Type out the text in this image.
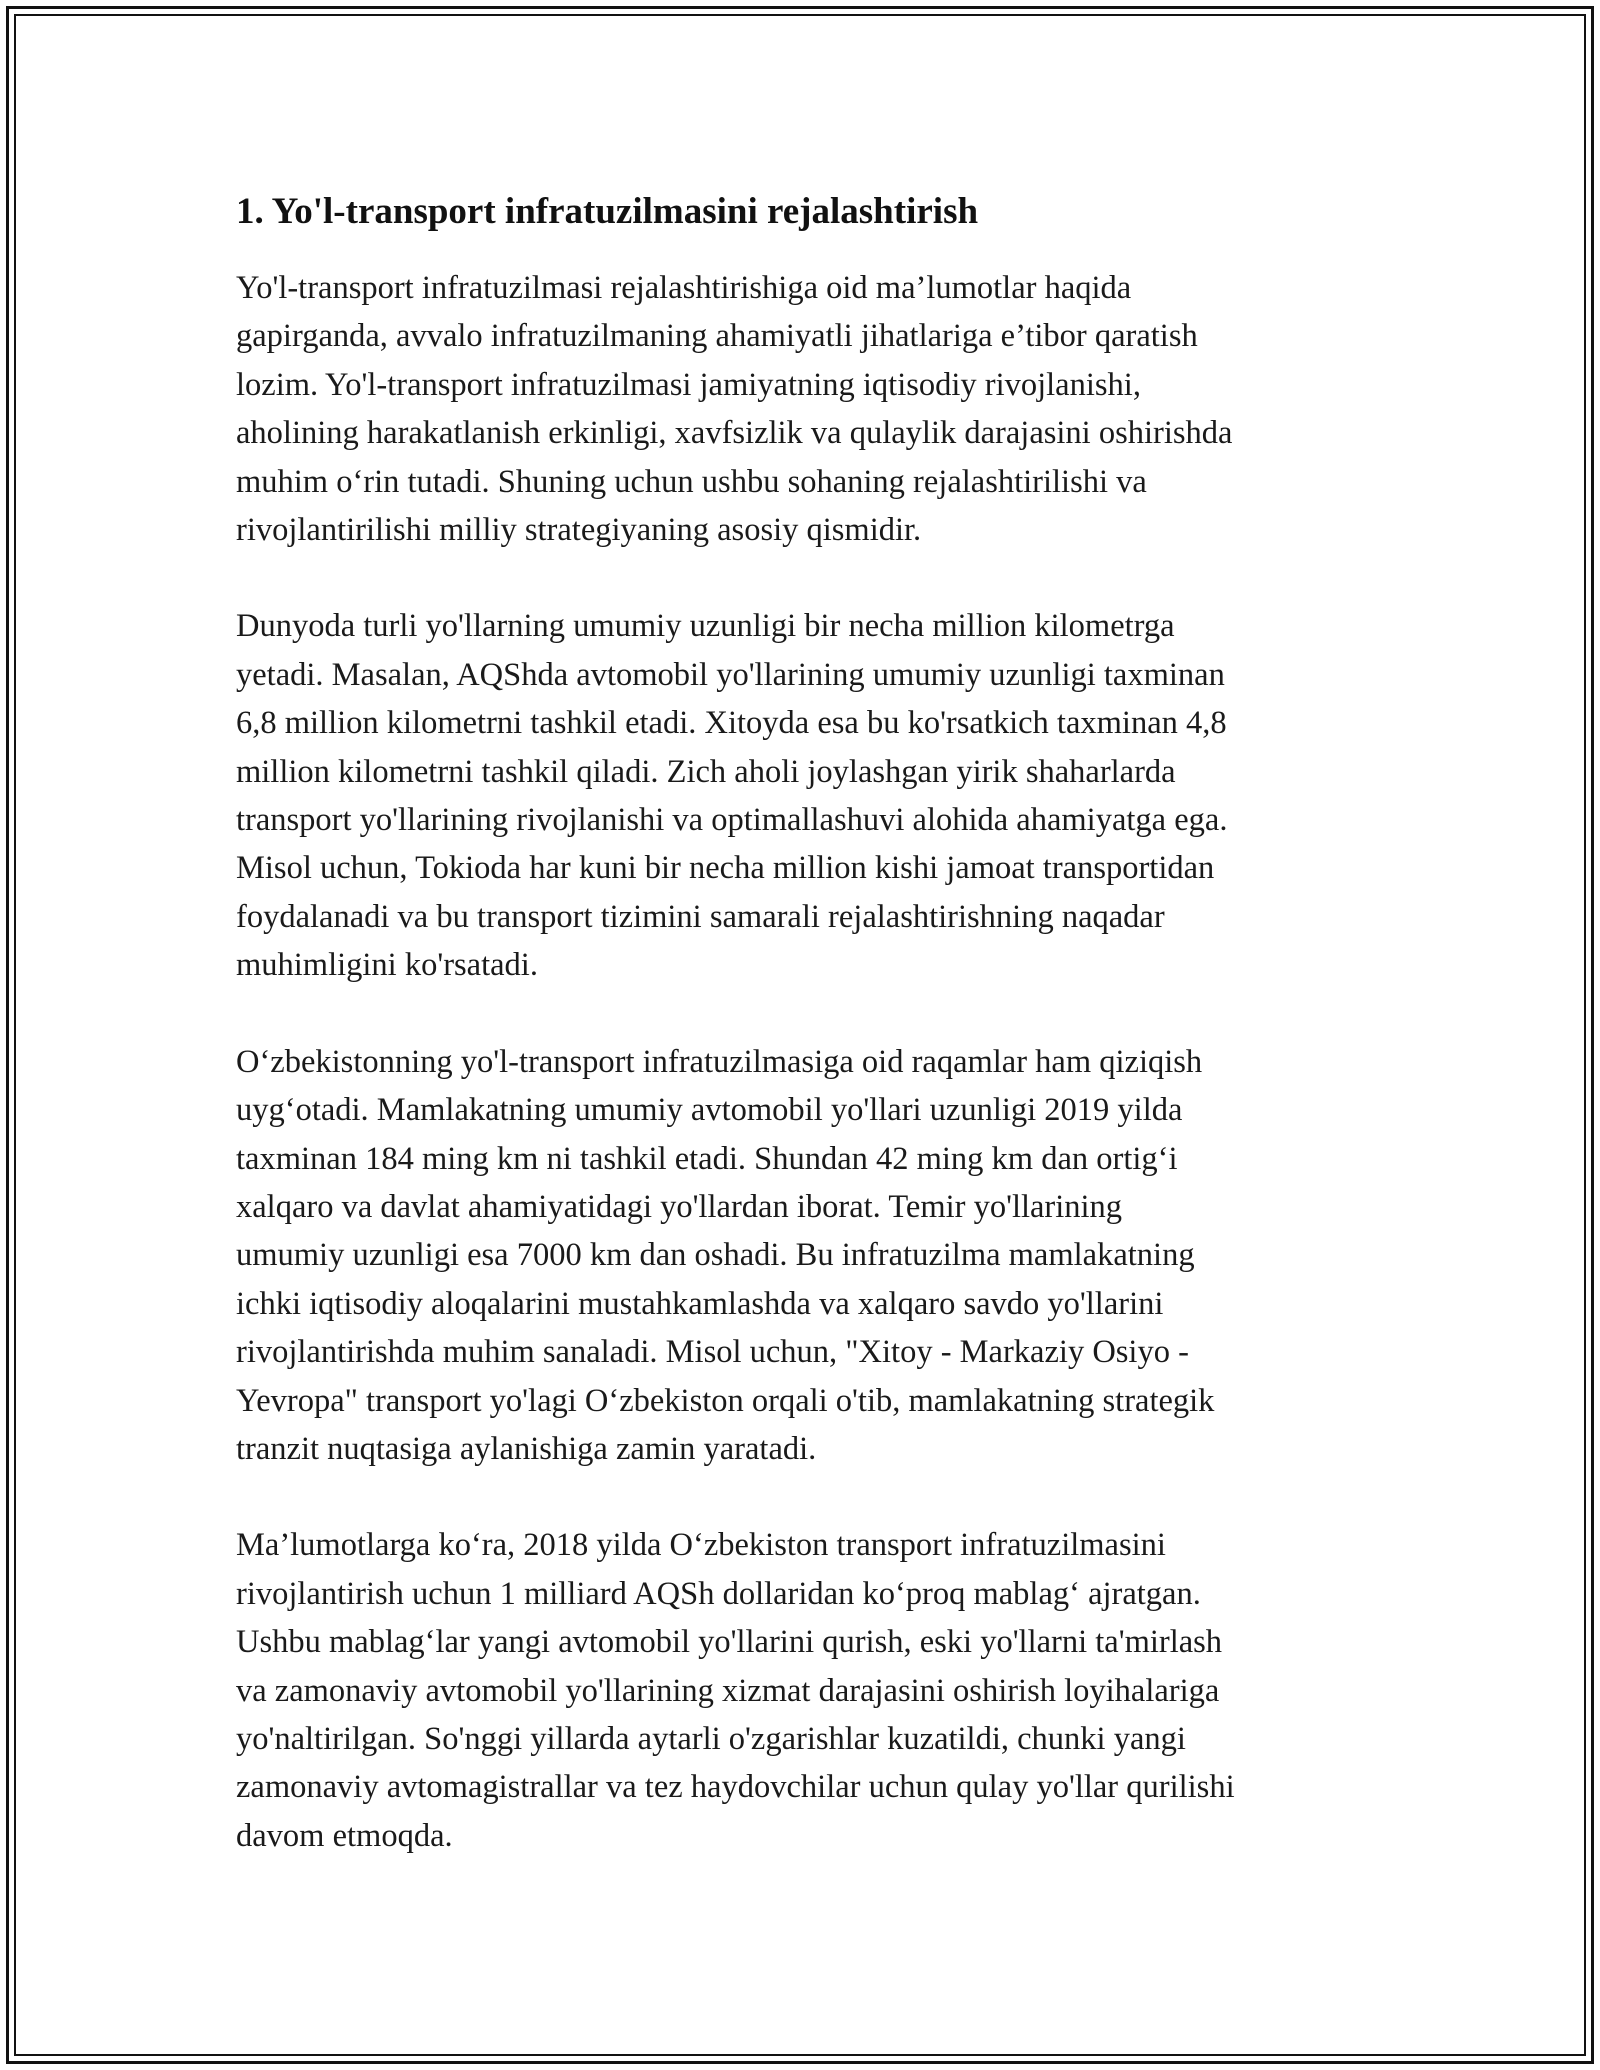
1. Yo'l-transport infratuzilmasini rejalashtirish

Yo'l-transport infratuzilmasi rejalashtirishiga oid ma’lumotlar haqida
gapirganda, avvalo infratuzilmaning ahamiyatli jihatlariga e’tibor qaratish
lozim. Yo'l-transport infratuzilmasi jamiyatning iqtisodiy rivojlanishi,
aholining harakatlanish erkinligi, xavfsizlik va qulaylik darajasini oshirishda
muhim o‘rin tutadi. Shuning uchun ushbu sohaning rejalashtirilishi va
rivojlantirilishi milliy strategiyaning asosiy qismidir.

Dunyoda turli yo'llarning umumiy uzunligi bir necha million kilometrga
yetadi. Masalan, AQShda avtomobil yo'llarining umumiy uzunligi taxminan
6,8 million kilometrni tashkil etadi. Xitoyda esa bu ko'rsatkich taxminan 4,8
million kilometrni tashkil qiladi. Zich aholi joylashgan yirik shaharlarda
transport yo'llarining rivojlanishi va optimallashuvi alohida ahamiyatga ega.
Misol uchun, Tokioda har kuni bir necha million kishi jamoat transportidan
foydalanadi va bu transport tizimini samarali rejalashtirishning naqadar
muhimligini ko'rsatadi.

O‘zbekistonning yo'l-transport infratuzilmasiga oid raqamlar ham qiziqish
uyg‘otadi. Mamlakatning umumiy avtomobil yo'llari uzunligi 2019 yilda
taxminan 184 ming km ni tashkil etadi. Shundan 42 ming km dan ortig‘i
xalqaro va davlat ahamiyatidagi yo'llardan iborat. Temir yo'llarining
umumiy uzunligi esa 7000 km dan oshadi. Bu infratuzilma mamlakatning
ichki iqtisodiy aloqalarini mustahkamlashda va xalqaro savdo yo'llarini
rivojlantirishda muhim sanaladi. Misol uchun, "Xitoy - Markaziy Osiyo -
Yevropa" transport yo'lagi O‘zbekiston orqali o'tib, mamlakatning strategik
tranzit nuqtasiga aylanishiga zamin yaratadi.

Ma’lumotlarga ko‘ra, 2018 yilda O‘zbekiston transport infratuzilmasini
rivojlantirish uchun 1 milliard AQSh dollaridan ko‘proq mablag‘ ajratgan.
Ushbu mablag‘lar yangi avtomobil yo'llarini qurish, eski yo'llarni ta'mirlash
va zamonaviy avtomobil yo'llarining xizmat darajasini oshirish loyihalariga
yo'naltirilgan. So'nggi yillarda aytarli o'zgarishlar kuzatildi, chunki yangi
zamonaviy avtomagistrallar va tez haydovchilar uchun qulay yo'llar qurilishi
davom etmoqda.
